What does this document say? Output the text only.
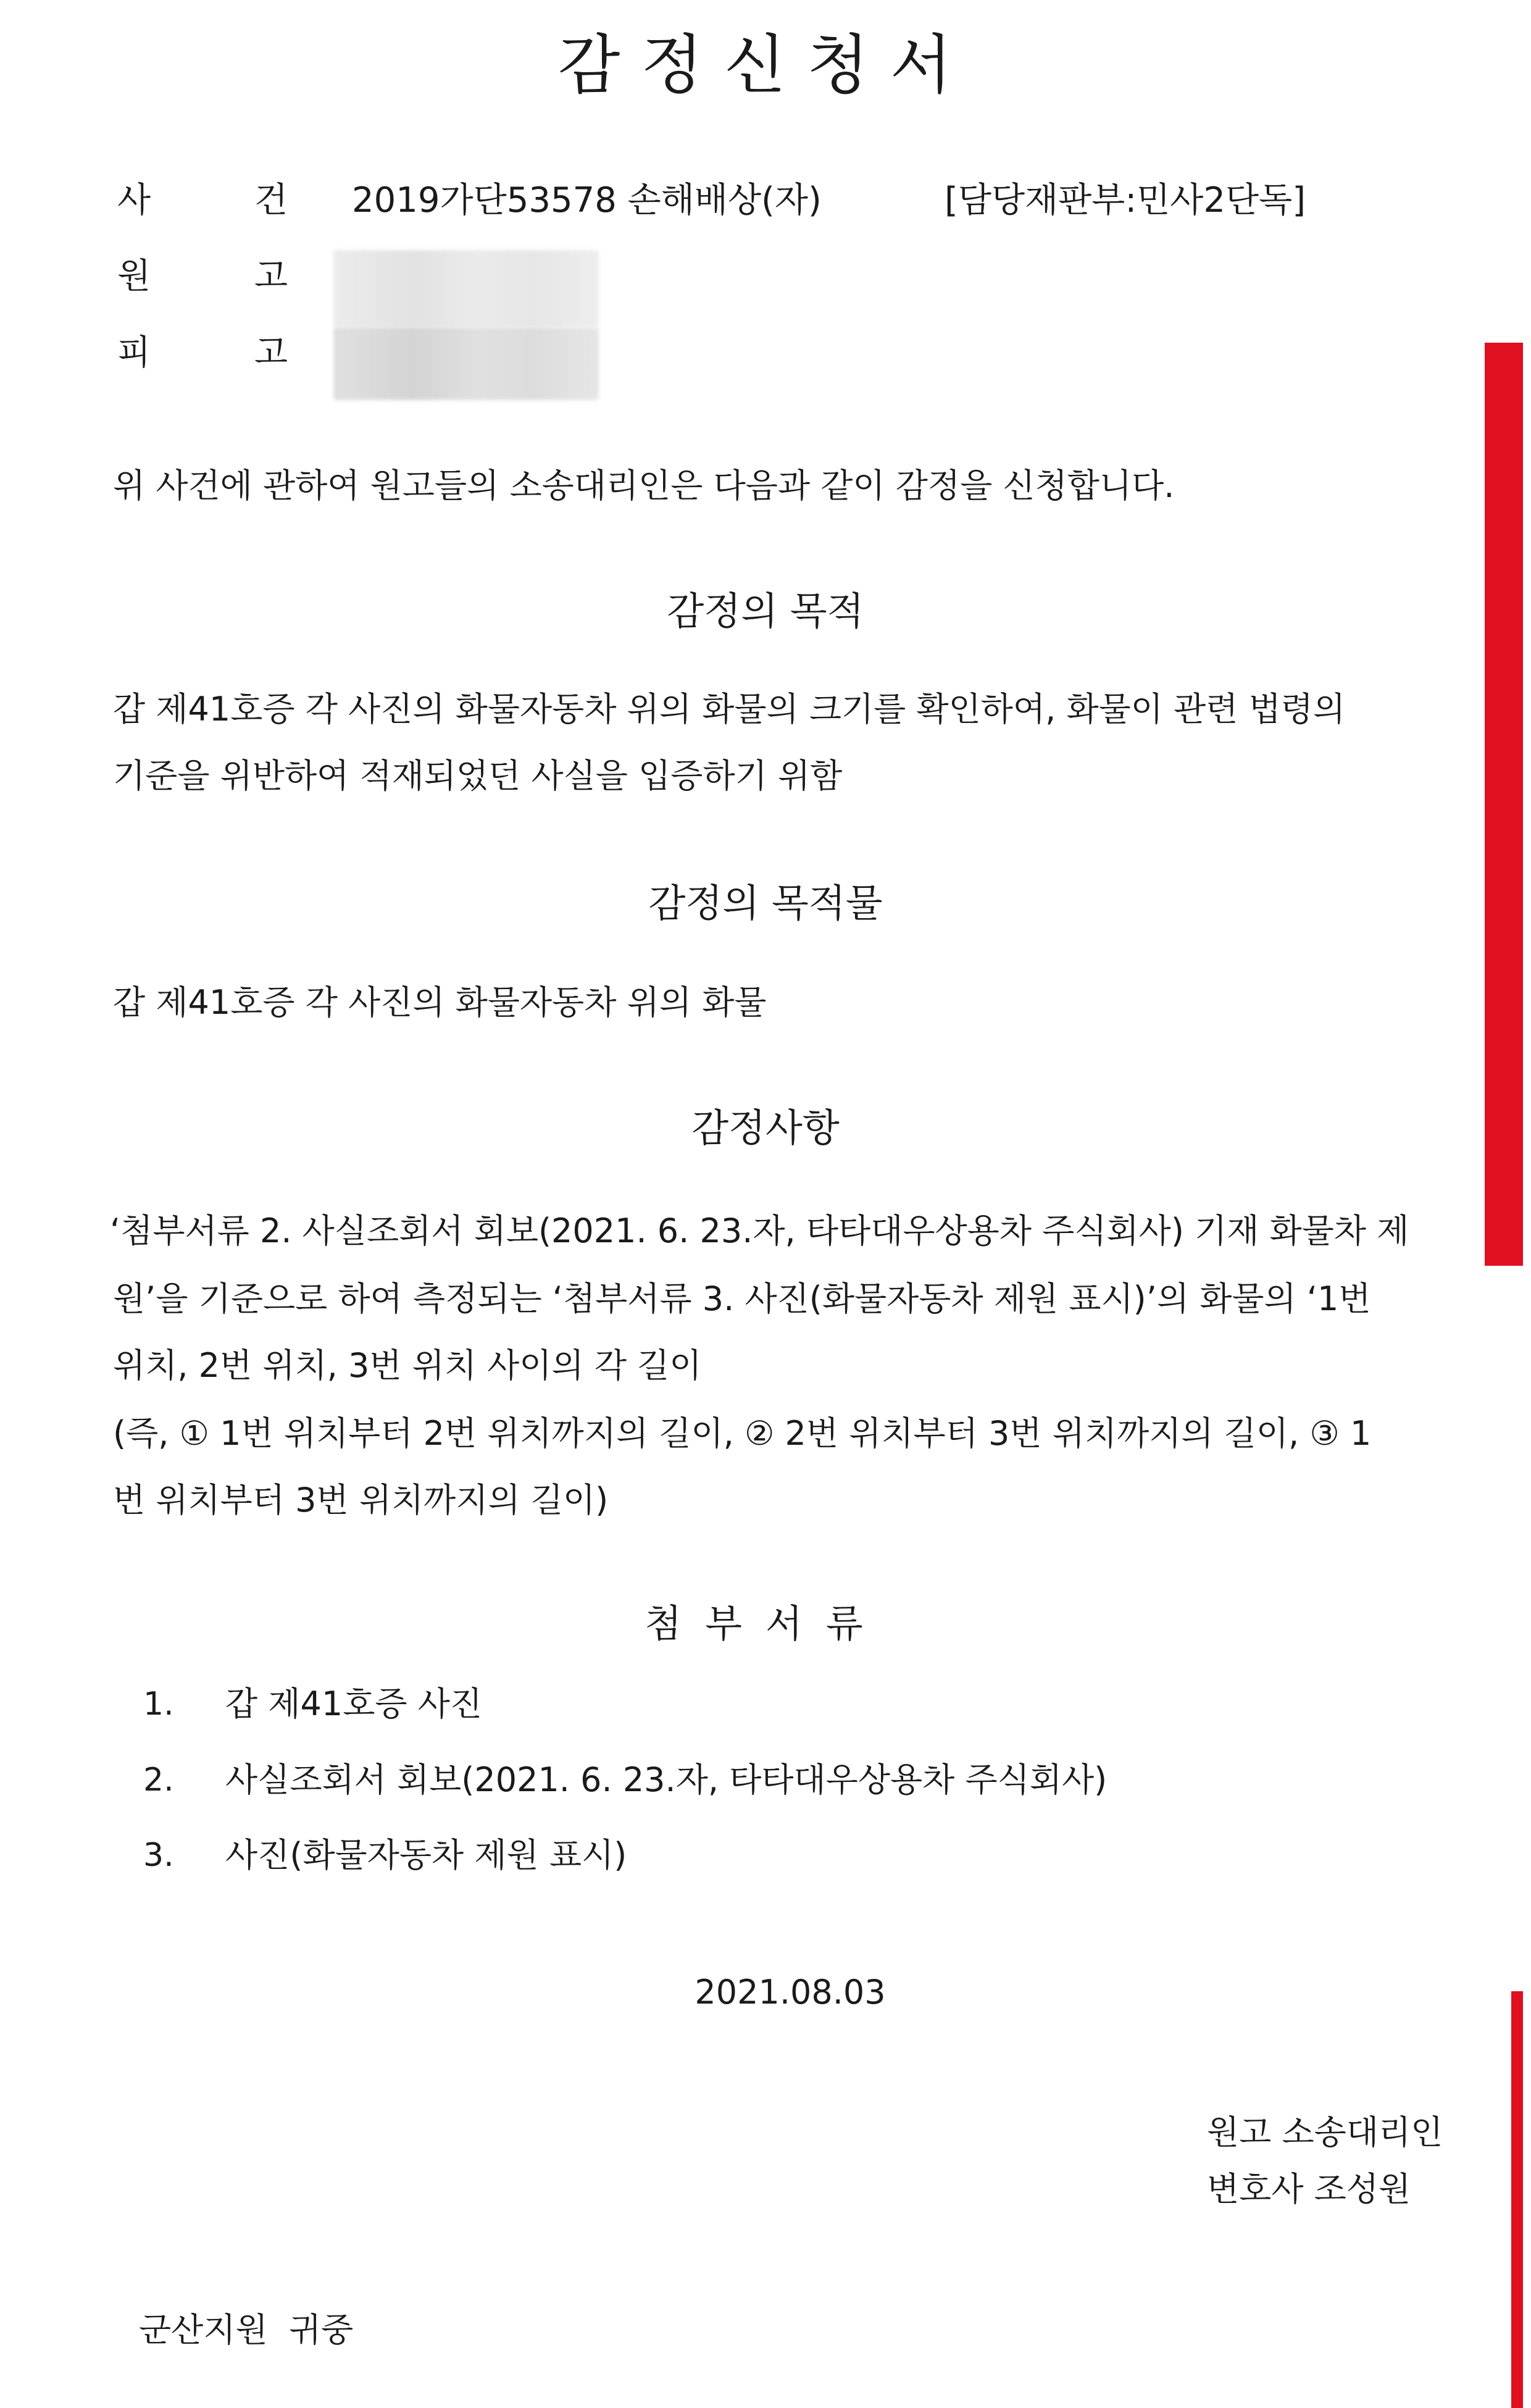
감정신청서
사	건 2019가단53578 손해배상(자)	[담당재판부:민사2단독]
원	고
피	고
위 사건에 관하여 원고들의 소송대리인은 다음과 같이 감정을 신청합니다.
감정의 목적
갑 제41호증 각 사진의 화물자동차 위의 화물의 크기를 확인하여, 화물이 관련 법령의
기준을 위반하여 적재되었던 사실을 입증하기 위함
감정의 목적물
갑 제41호증 각 사진의 화물자동차 위의 화물
감정사항
‘첨부서류 2. 사실조회서 회보(2021. 6. 23.자, 타타대우상용차 주식회사) 기재 화물차 제
원’을 기준으로 하여 측정되는 ‘첨부서류 3. 사진(화물자동차 제원 표시)’의 화물의 ‘1번
위치, 2번 위치, 3번 위치 사이의 각 길이
(즉, ① 1번 위치부터 2번 위치까지의 길이, ② 2번 위치부터 3번 위치까지의 길이, ③ 1
번 위치부터 3번 위치까지의 길이)
첨부서류
1. 갑 제41호증 사진
2. 사실조회서 회보(2021. 6. 23.자, 타타대우상용차 주식회사)
3. 사진(화물자동차 제원 표시)
2021.08.03
원고 소송대리인
변호사 조성원
군산지원  귀중
